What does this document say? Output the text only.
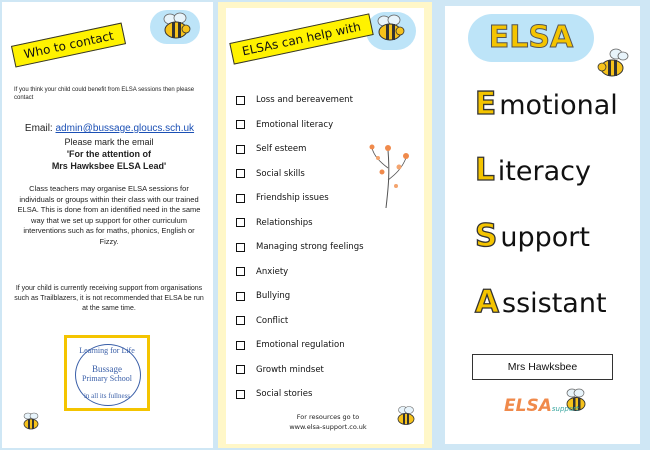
Who to contact
If you think your child could benefit from ELSA sessions then please contact
Email: admin@bussage.gloucs.sch.uk
Please mark the email
'For the attention of
Mrs Hawksbee ELSA Lead'
Class teachers may organise ELSA sessions for individuals or groups within their class with our trained ELSA. This is done from an identified need in the same way that we set up support for other curriculum interventions such as for maths, phonics, English or Fizzy.
If your child is currently receiving support from organisations such as Trailblazers, it is not recommended that ELSA be run at the same time.
Learning for Life
Bussage
Primary School
in all its fullness
ELSAs can help with
Loss and bereavement
Emotional literacy
Self esteem
Social skills
Friendship issues
Relationships
Managing strong feelings
Anxiety
Bullying
Conflict
Emotional regulation
Growth mindset
Social stories
For resources go to
www.elsa-support.co.uk
ELSA
E motional
L iteracy
S upport
A ssistant
Mrs Hawksbee
ELSAsupport
